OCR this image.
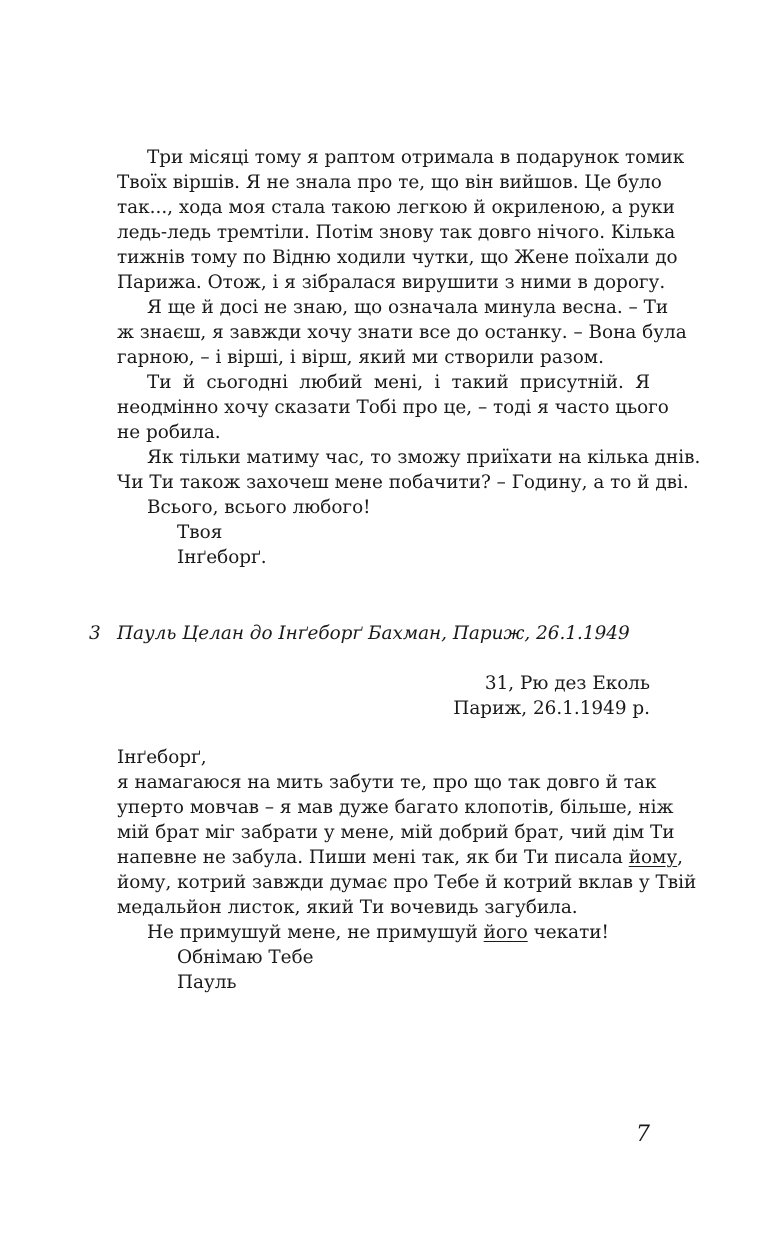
Три місяці тому я раптом отримала в подарунок томик
Твоїх віршів. Я не знала про те, що він вийшов. Це було
так..., хода моя стала такою легкою й окриленою, а руки
ледь-ледь тремтіли. Потім знову так довго нічого. Кілька
тижнів тому по Відню ходили чутки, що Жене поїхали до
Парижа. Отож, і я зібралася вирушити з ними в дорогу.
Я ще й досі не знаю, що означала минула весна. – Ти
ж знаєш, я завжди хочу знати все до останку. – Вона була
гарною, – і вірші, і вірш, який ми створили разом.
Ти й сьогодні любий мені, і такий присутній. Я
неодмінно хочу сказати Тобі про це, – тоді я часто цього
не робила.
Як тільки матиму час, то зможу приїхати на кілька днів.
Чи Ти також захочеш мене побачити? – Годину, а то й дві.
Всього, всього любого!
Твоя
Інґеборґ.
3 Пауль Целан до Інґеборґ Бахман, Париж, 26.1.1949
31, Рю дез Еколь
Париж, 26.1.1949 р.
Інґеборґ,
я намагаюся на мить забути те, про що так довго й так
уперто мовчав – я мав дуже багато клопотів, більше, ніж
мій брат міг забрати у мене, мій добрий брат, чий дім Ти
напевне не забула. Пиши мені так, як би Ти писала йому,
йому, котрий завжди думає про Тебе й котрий вклав у Твій
медальйон листок, який Ти вочевидь загубила.
Не примушуй мене, не примушуй його чекати!
Обнімаю Тебе
Пауль
7
